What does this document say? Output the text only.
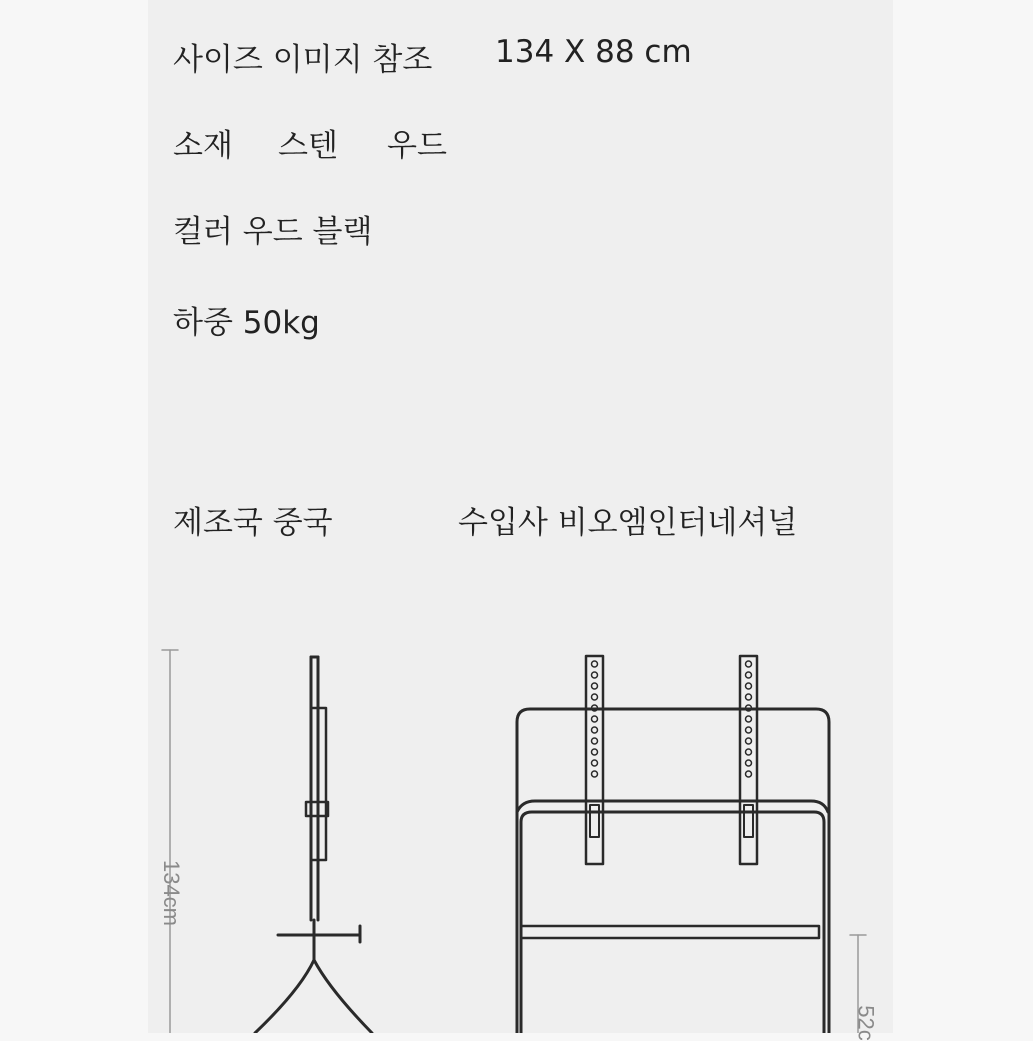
사이즈 이미지 참조 134 X 88 cm

소재 스텐 우드

컬러 우드 블랙

하중 50kg

제조국 중국	수입사 비오엠인터네셔널

134cm

52c
